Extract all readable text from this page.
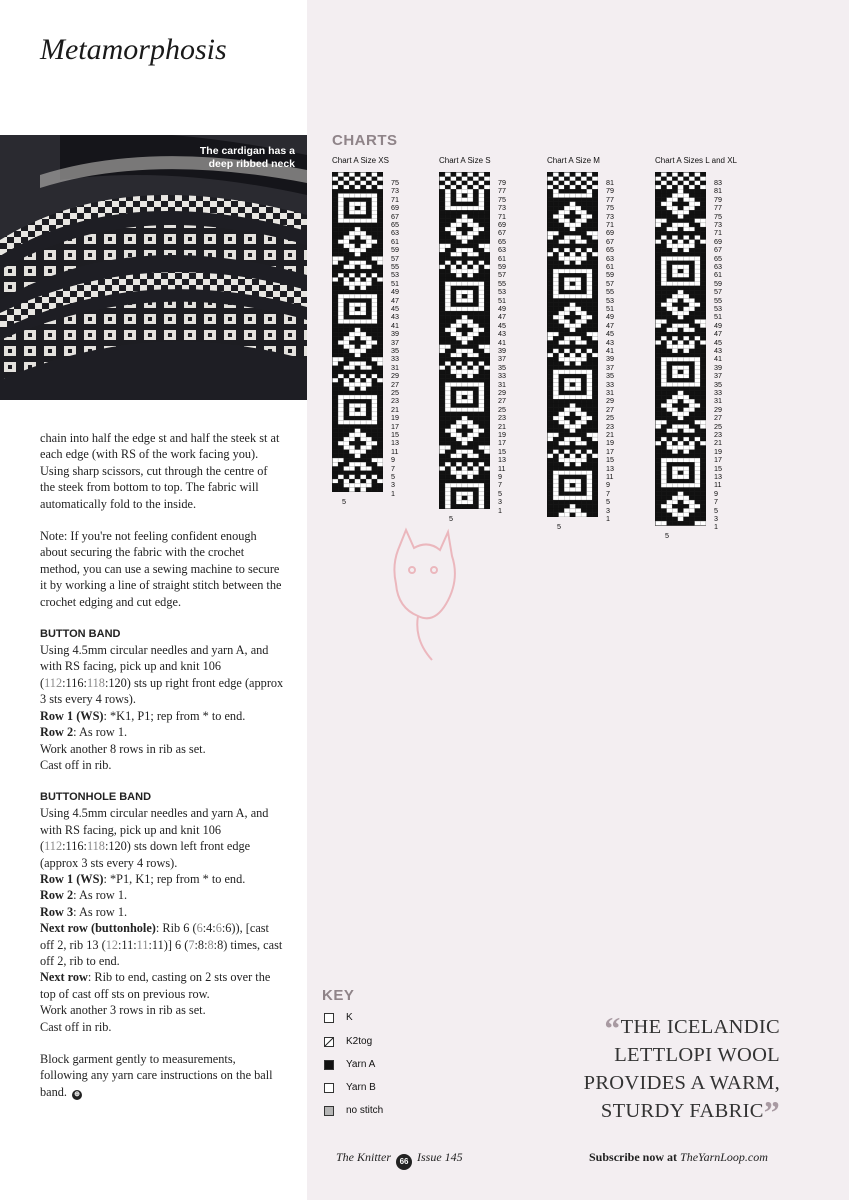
Metamorphosis
The cardigan has a deep ribbed neck

chain into half the edge st and half the steek st at each edge (with RS of the work facing you). Using sharp scissors, cut through the centre of the steek from bottom to top. The fabric will automatically fold to the inside.

Note: If you're not feeling confident enough about securing the fabric with the crochet method, you can use a sewing machine to secure it by working a line of straight stitch between the crochet edging and cut edge.

BUTTON BAND
Using 4.5mm circular needles and yarn A, and with RS facing, pick up and knit 106 (112:116:118:120) sts up right front edge (approx 3 sts every 4 rows).
Row 1 (WS): *K1, P1; rep from * to end.
Row 2: As row 1.
Work another 8 rows in rib as set.
Cast off in rib.
BUTTONHOLE BAND
Using 4.5mm circular needles and yarn A, and with RS facing, pick up and knit 106 (112:116:118:120) sts down left front edge (approx 3 sts every 4 rows).
Row 1 (WS): *P1, K1; rep from * to end.
Row 2: As row 1.
Row 3: As row 1.
Next row (buttonhole): Rib 6 (6:4:6:6)), [cast off 2, rib 13 (12:11:11:11)] 6 (7:8:8:8) times, cast off 2, rib to end.
Next row: Rib to end, casting on 2 sts over the top of cast off sts on previous row.
Work another 3 rows in rib as set.
Cast off in rib.

Block garment gently to measurements, following any yarn care instructions on the ball band. ⊕

CHARTS
Chart A Size XS	Chart A Size S	Chart A Size M	Chart A Sizes L and XL
75
73
71
69
67
65
63
61
59
57
55
53
51
49
47
45
43
41
39
37
35
33
31
29
27
25
23
21
19
17
15
13
11
9
7
5
3
1
79
77
75
73
71
69
67
65
63
61
59
57
55
53
51
49
47
45
43
41
39
37
35
33
31
29
27
25
23
21
19
17
15
13
11
9
7
5
3
1
81
79
77
75
73
71
69
67
65
63
61
59
57
55
53
51
49
47
45
43
41
39
37
35
33
31
29
27
25
23
21
19
17
15
13
11
9
7
5
3
1
83
81
79
77
75
73
71
69
67
65
63
61
59
57
55
53
51
49
47
45
43
41
39
37
35
33
31
29
27
25
23
21
19
17
15
13
11
9
7
5
3
1
5
5
5
5
KEY
K
K2tog
Yarn A
Yarn B
no stitch
“THE ICELANDIC LETTLOPI WOOL PROVIDES A WARM, STURDY FABRIC”
The Knitter 66 Issue 145	Subscribe now at TheYarnLoop.com
